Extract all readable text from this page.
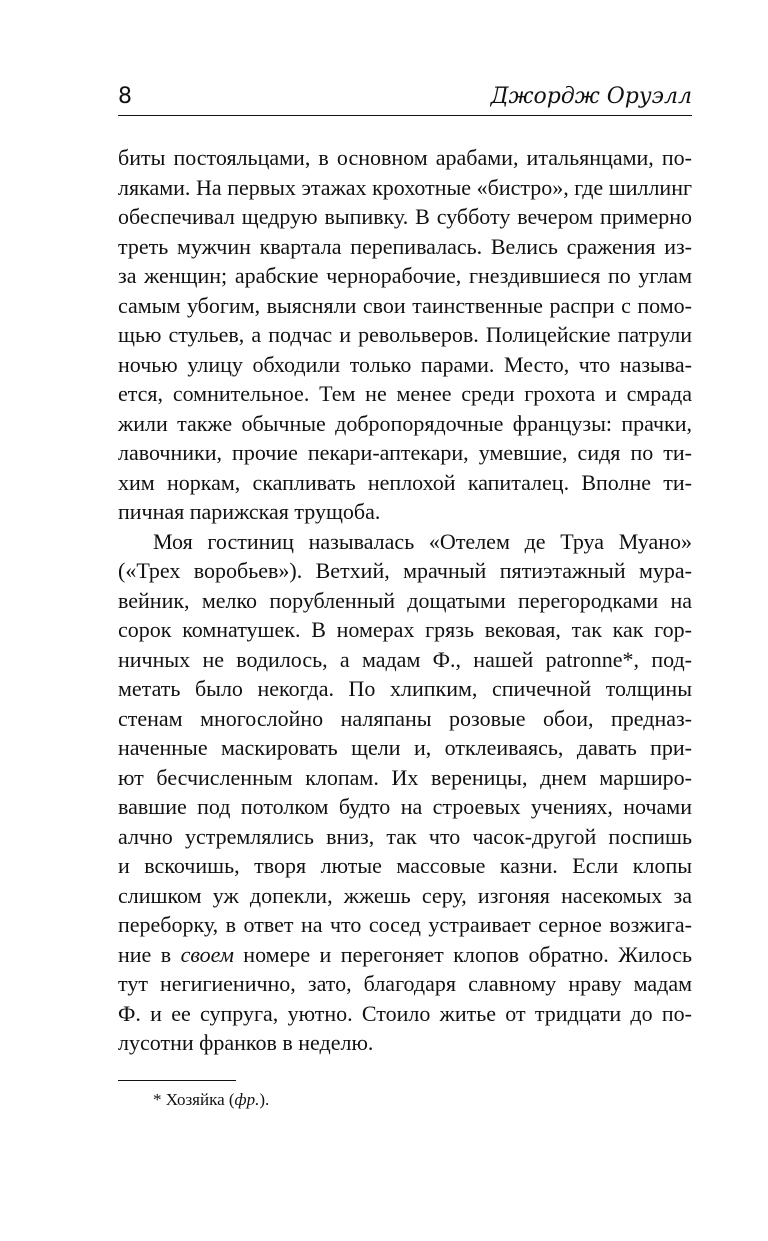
8	Джордж Оруэлл
биты постояльцами, в основном арабами, итальянцами, по-
ляками. На первых этажах крохотные «бистро», где шиллинг
обеспечивал щедрую выпивку. В субботу вечером примерно
треть мужчин квартала перепивалась. Велись сражения из-
за женщин; арабские чернорабочие, гнездившиеся по углам
самым убогим, выясняли свои таинственные распри с помо-
щью стульев, а подчас и револьверов. Полицейские патрули
ночью улицу обходили только парами. Место, что называ-
ется, сомнительное. Тем не менее среди грохота и смрада
жили также обычные добропорядочные французы: прачки,
лавочники, прочие пекари-аптекари, умевшие, сидя по ти-
хим норкам, скапливать неплохой капиталец. Вполне ти-
пичная парижская трущоба.
Моя гостиниц называлась «Отелем де Труа Муано»
(«Трех воробьев»). Ветхий, мрачный пятиэтажный мура-
вейник, мелко порубленный дощатыми перегородками на
сорок комнатушек. В номерах грязь вековая, так как гор-
ничных не водилось, а мадам Ф., нашей patronne*, под-
метать было некогда. По хлипким, спичечной толщины
стенам многослойно наляпаны розовые обои, предназ-
наченные маскировать щели и, отклеиваясь, давать при-
ют бесчисленным клопам. Их вереницы, днем марширо-
вавшие под потолком будто на строевых учениях, ночами
алчно устремлялись вниз, так что часок-другой поспишь
и вскочишь, творя лютые массовые казни. Если клопы
слишком уж допекли, жжешь серу, изгоняя насекомых за
переборку, в ответ на что сосед устраивает серное возжига-
ние в своем номере и перегоняет клопов обратно. Жилось
тут негигиенично, зато, благодаря славному нраву мадам
Ф. и ее супруга, уютно. Стоило житье от тридцати до по-
лусотни франков в неделю.
* Хозяйка (фр.).
